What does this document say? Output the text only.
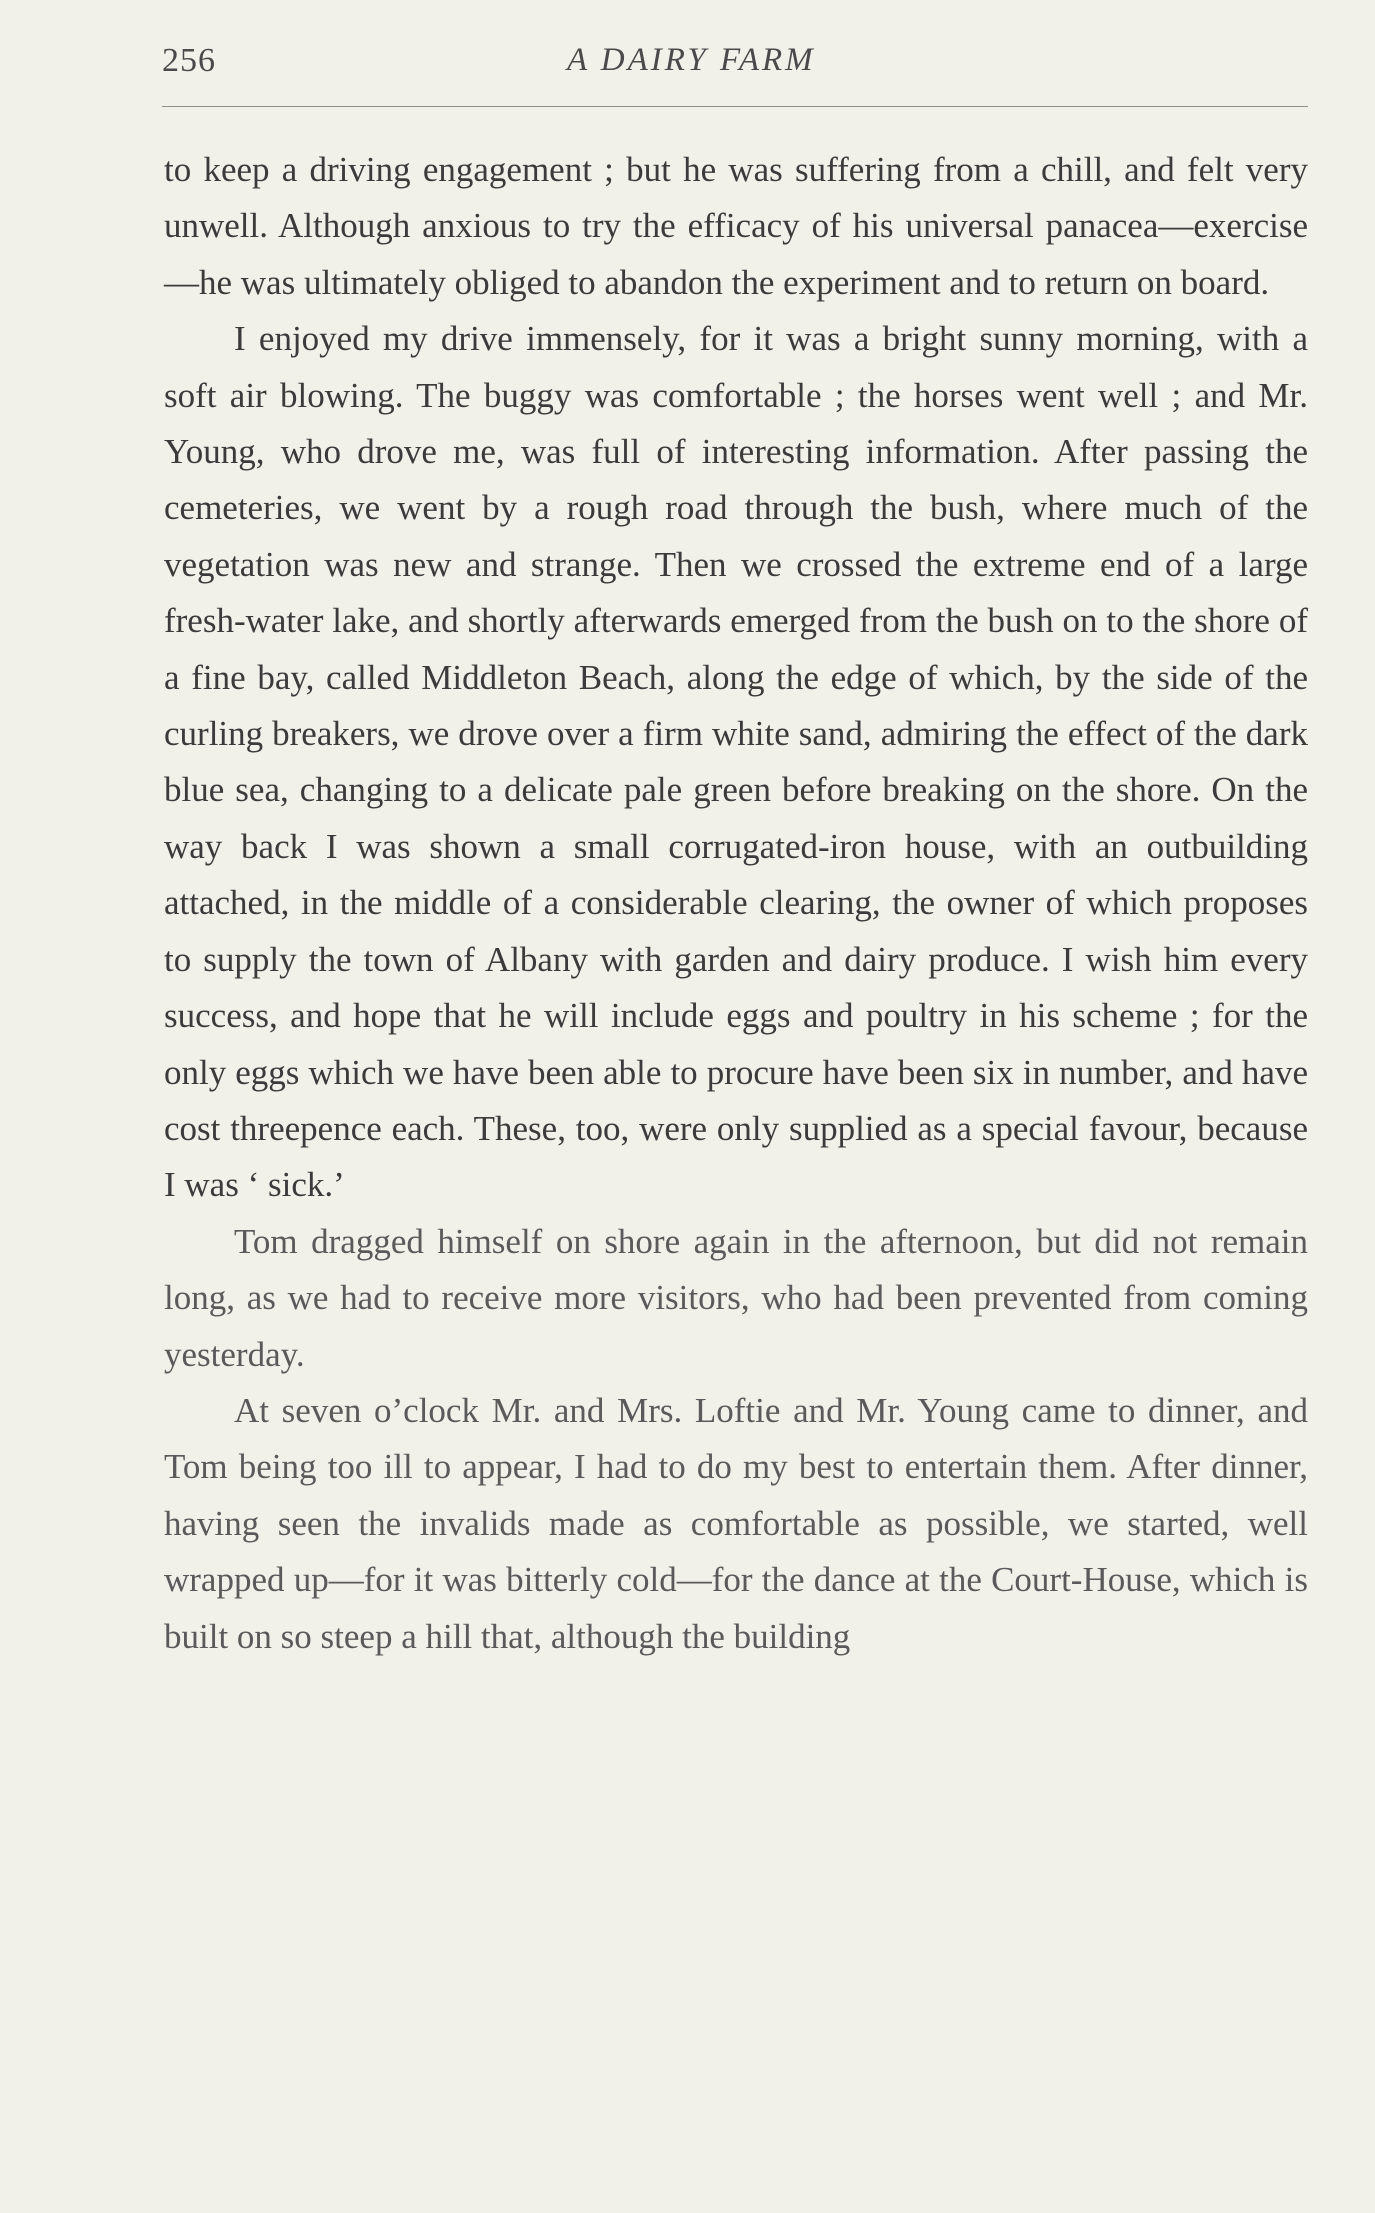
256	A DAIRY FARM

to keep a driving engagement ; but he was suffering from a chill, and felt very unwell. Although anxious to try the efficacy of his universal panacea—exercise—he was ultimately obliged to abandon the experiment and to return on board.

I enjoyed my drive immensely, for it was a bright sunny morning, with a soft air blowing. The buggy was comfortable ; the horses went well ; and Mr. Young, who drove me, was full of interesting information. After passing the cemeteries, we went by a rough road through the bush, where much of the vegetation was new and strange. Then we crossed the extreme end of a large fresh-water lake, and shortly afterwards emerged from the bush on to the shore of a fine bay, called Middleton Beach, along the edge of which, by the side of the curling breakers, we drove over a firm white sand, admiring the effect of the dark blue sea, changing to a delicate pale green before breaking on the shore. On the way back I was shown a small corrugated-iron house, with an outbuilding attached, in the middle of a considerable clearing, the owner of which proposes to supply the town of Albany with garden and dairy produce. I wish him every success, and hope that he will include eggs and poultry in his scheme ; for the only eggs which we have been able to procure have been six in number, and have cost threepence each. These, too, were only supplied as a special favour, because I was ‘ sick.’

Tom dragged himself on shore again in the afternoon, but did not remain long, as we had to receive more visitors, who had been prevented from coming yesterday.

At seven o’clock Mr. and Mrs. Loftie and Mr. Young came to dinner, and Tom being too ill to appear, I had to do my best to entertain them. After dinner, having seen the invalids made as comfortable as possible, we started, well wrapped up—for it was bitterly cold—for the dance at the Court-House, which is built on so steep a hill that, although the building
